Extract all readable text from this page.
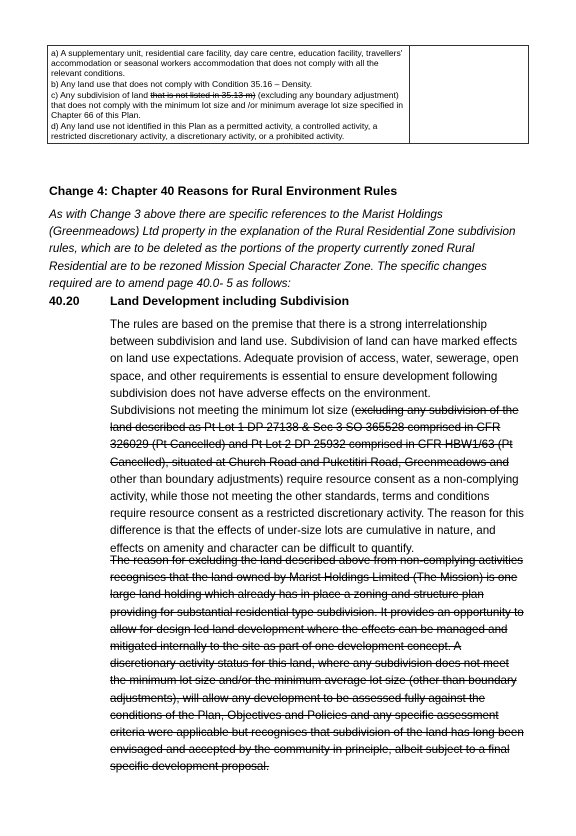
a) A supplementary unit, residential care facility, day care centre, education facility, travellers' accommodation or seasonal workers accommodation that does not comply with all the relevant conditions.

b) Any land use that does not comply with Condition 35.16 – Density.

c) Any subdivision of land that is not listed in 35.13 m) (excluding any boundary adjustment) that does not comply with the minimum lot size and /or minimum average lot size specified in Chapter 66 of this Plan.

d) Any land use not identified in this Plan as a permitted activity, a controlled activity, a restricted discretionary activity, a discretionary activity, or a prohibited activity.

Change 4: Chapter 40 Reasons for Rural Environment Rules

As with Change 3 above there are specific references to the Marist Holdings (Greenmeadows) Ltd property in the explanation of the Rural Residential Zone subdivision rules, which are to be deleted as the portions of the property currently zoned Rural Residential are to be rezoned Mission Special Character Zone. The specific changes required are to amend page 40.0- 5 as follows:

40.20	Land Development including Subdivision

The rules are based on the premise that there is a strong interrelationship between subdivision and land use. Subdivision of land can have marked effects on land use expectations. Adequate provision of access, water, sewerage, open space, and other requirements is essential to ensure development following subdivision does not have adverse effects on the environment.

Subdivisions not meeting the minimum lot size (excluding any subdivision of the land described as Pt Lot 1 DP 27138 & Sec 3 SO 365528 comprised in CFR 326029 (Pt Cancelled) and Pt Lot 2 DP 25932 comprised in CFR HBW1/63 (Pt Cancelled), situated at Church Road and Puketitiri Road, Greenmeadows and other than boundary adjustments) require resource consent as a non-complying activity, while those not meeting the other standards, terms and conditions require resource consent as a restricted discretionary activity. The reason for this difference is that the effects of under-size lots are cumulative in nature, and effects on amenity and character can be difficult to quantify.

The reason for excluding the land described above from non-complying activities recognises that the land owned by Marist Holdings Limited (The Mission) is one large land holding which already has in place a zoning and structure plan providing for substantial residential type subdivision. It provides an opportunity to allow for design led land development where the effects can be managed and mitigated internally to the site as part of one development concept. A discretionary activity status for this land, where any subdivision does not meet the minimum lot size and/or the minimum average lot size (other than boundary adjustments), will allow any development to be assessed fully against the conditions of the Plan, Objectives and Policies and any specific assessment criteria were applicable but recognises that subdivision of the land has long been envisaged and accepted by the community in principle, albeit subject to a final specific development proposal.
